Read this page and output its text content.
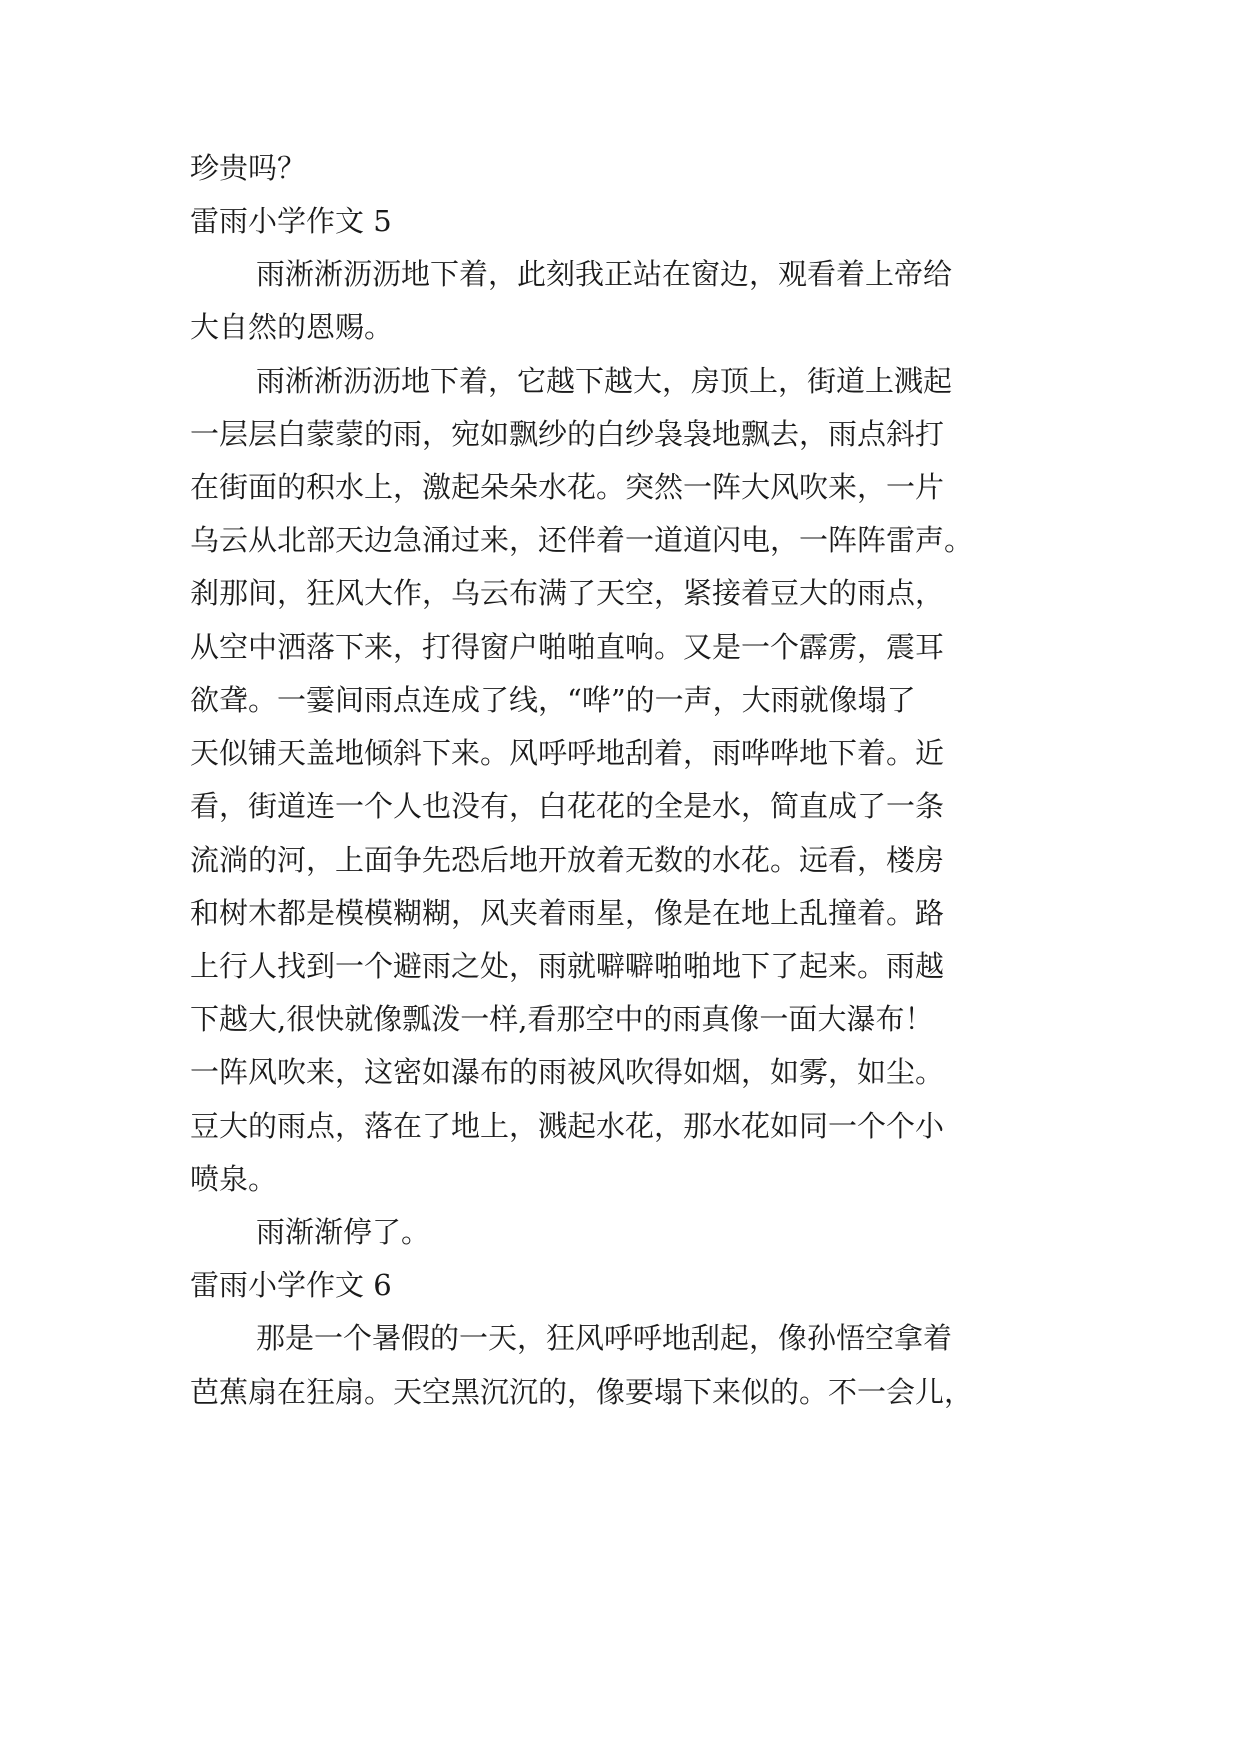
珍贵吗？
雷雨小学作文 5
雨淅淅沥沥地下着，此刻我正站在窗边，观看着上帝给
大自然的恩赐。
雨淅淅沥沥地下着，它越下越大，房顶上，街道上溅起
一层层白蒙蒙的雨，宛如飘纱的白纱袅袅地飘去，雨点斜打
在街面的积水上，激起朵朵水花。突然一阵大风吹来，一片
乌云从北部天边急涌过来，还伴着一道道闪电，一阵阵雷声。
刹那间，狂风大作，乌云布满了天空，紧接着豆大的雨点，
从空中洒落下来，打得窗户啪啪直响。又是一个霹雳，震耳
欲聋。一霎间雨点连成了线，“哗”的一声，大雨就像塌了
天似铺天盖地倾斜下来。风呼呼地刮着，雨哗哗地下着。近
看，街道连一个人也没有，白花花的全是水，简直成了一条
流淌的河，上面争先恐后地开放着无数的水花。远看，楼房
和树木都是模模糊糊，风夹着雨星，像是在地上乱撞着。路
上行人找到一个避雨之处，雨就噼噼啪啪地下了起来。雨越
下越大,很快就像瓢泼一样,看那空中的雨真像一面大瀑布！
一阵风吹来，这密如瀑布的雨被风吹得如烟，如雾，如尘。
豆大的雨点，落在了地上，溅起水花，那水花如同一个个小
喷泉。
雨渐渐停了。
雷雨小学作文 6
那是一个暑假的一天，狂风呼呼地刮起，像孙悟空拿着
芭蕉扇在狂扇。天空黑沉沉的，像要塌下来似的。不一会儿，
